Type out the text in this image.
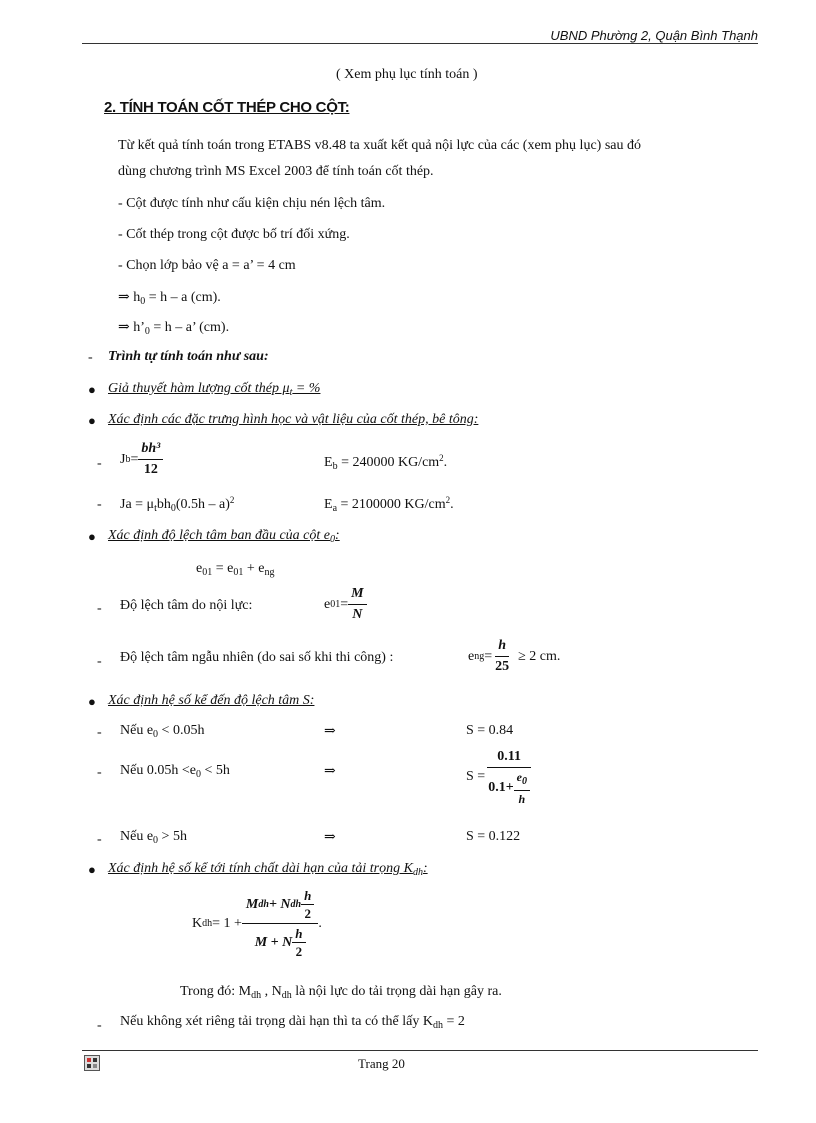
UBND Phường 2, Quận Bình Thạnh
( Xem phụ lục tính toán )
2. TÍNH TOÁN CỐT THÉP CHO CỘT:
Từ kết quả tính toán trong ETABS v8.48 ta xuất kết quả nội lực của các (xem phụ lục) sau đó
dùng chương trình MS Excel 2003 để tính toán cốt thép.
- Cột được tính như cấu kiện chịu nén lệch tâm.
- Cốt thép trong cột được bố trí đối xứng.
- Chọn lớp bảo vệ a = a’ = 4 cm
⇒ $h_0 = h - a$ (cm).
⇒ $h’_0 = h - a$’ (cm).
- Trình tự tính toán như sau:
● Giả thuyết hàm lượng cốt thép $\mu_t$ = %
● Xác định các đặc trưng hình học và vật liệu của cốt thép, bê tông:
- J $b = \frac{\text{bh³}}{12}$	$E_b = 240000$ $KG/cm^2$.
- $Ja = \mu_tbh_0(0.5h - a)^2$	$E_a = 2100000$ $KG/cm^2$.
● Xác định độ lệch tâm ban đầu của cột $e_0$:
$e_{01} = e_{01} + e_{ng}$
- Độ lệch tâm do nội lực:	e $01 = \frac{M}{N}$
- Độ lệch tâm ngẫu nhiên (do sai số khi thi công) :	e ng = $\frac{h}{25} \ge 2$ cm.
● Xác định hệ số kể đến độ lệch tâm S:
- Nếu $e_0 < 0.05h$	⇒	S = 0.84
- Nếu $0.05h <e_0 < 5h$	⇒	$S = \frac{0.11}{0.1+ \frac{e_0}{h}}$
- Nếu $e_0 > 5h$	⇒	S = 0.122
● Xác định hệ số kể tới tính chất dài hạn của tải trọng $K_{dh}$:
K dh = $1 + \frac{M dh + N dh \frac{h}{2}}{M + N \frac{h}{2}}$ .
Trong đó: $M_{dh}$ , $N_{dh}$ là nội lực do tải trọng dài hạn gây ra.
- Nếu không xét riêng tải trọng dài hạn thì ta có thể lấy $K_{dh} = 2$
Trang 20
